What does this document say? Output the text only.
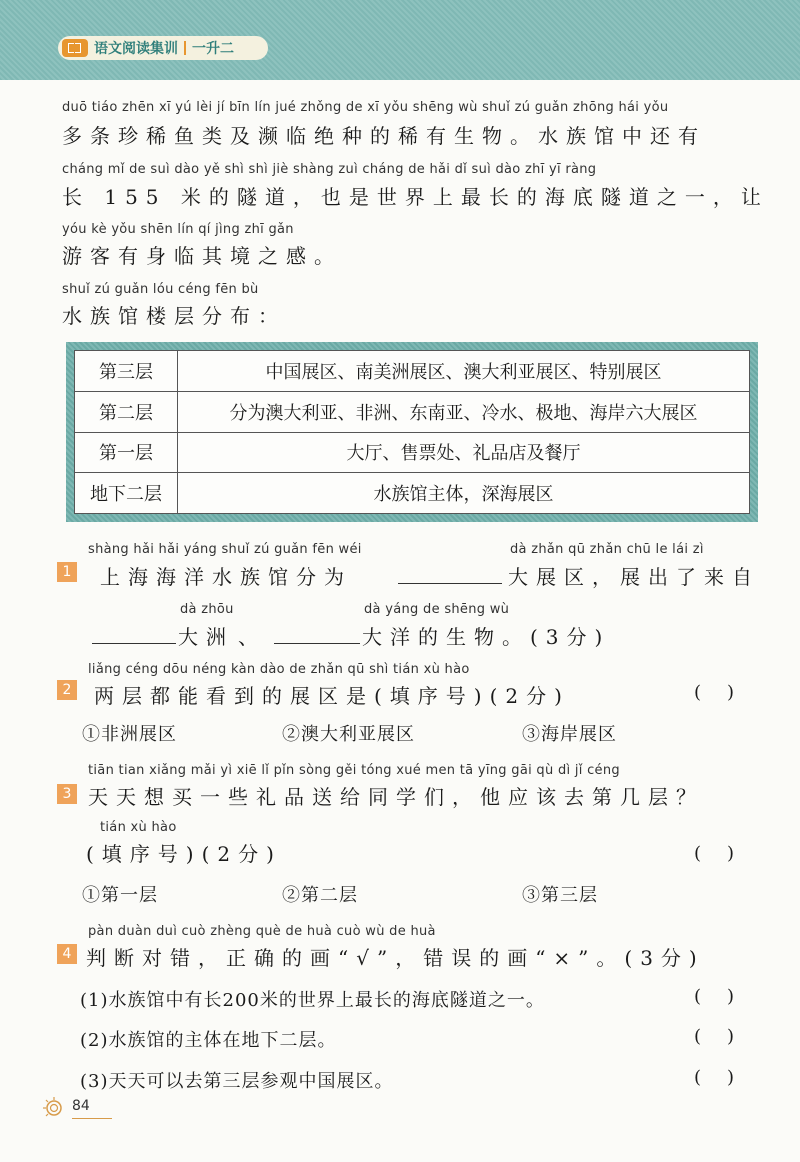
语文阅读集训 一升二
duō tiáo zhēn xī yú lèi jí bīn lín jué zhǒng de xī yǒu shēng wù shuǐ zú guǎn zhōng hái yǒu
多条珍稀鱼类及濒临绝种的稀有生物。水族馆中还有
cháng mǐ de suì dào yě shì shì jiè shàng zuì cháng de hǎi dǐ suì dào zhī yī ràng
长 155 米的隧道，也是世界上最长的海底隧道之一，让
yóu kè yǒu shēn lín qí jìng zhī gǎn
游客有身临其境之感。
shuǐ zú guǎn lóu céng fēn bù
水族馆楼层分布：
第三层	中国展区、南美洲展区、澳大利亚展区、特别展区
第二层	分为澳大利亚、非洲、东南亚、冷水、极地、海岸六大展区
第一层	大厅、售票处、礼品店及餐厅
地下二层	水族馆主体，深海展区
1
shàng hǎi hǎi yáng shuǐ zú guǎn fēn wéi	dà zhǎn qū zhǎn chū le lái zì
上海海洋水族馆分为	大展区，展出了来自
dà zhōu	dà yáng de shēng wù
大洲 、	大洋的生物。(3分)
2
liǎng céng dōu néng kàn dào de zhǎn qū shì tián xù hào
两层都能看到的展区是(填序号)(2分)	()
①非洲展区	②澳大利亚展区	③海岸展区
3
tiān tian xiǎng mǎi yì xiē lǐ pǐn sòng gěi tóng xué men tā yīng gāi qù dì jǐ céng
天天想买一些礼品送给同学们，他应该去第几层？
tián xù hào
(填序号)(2分)	()
①第一层	②第二层	③第三层
4
pàn duàn duì cuò zhèng què de huà cuò wù de huà
判断对错，正确的画“√”，错误的画“×”。(3分)
(1)水族馆中有长200米的世界上最长的海底隧道之一。	()
(2)水族馆的主体在地下二层。	()
(3)天天可以去第三层参观中国展区。	()
84
